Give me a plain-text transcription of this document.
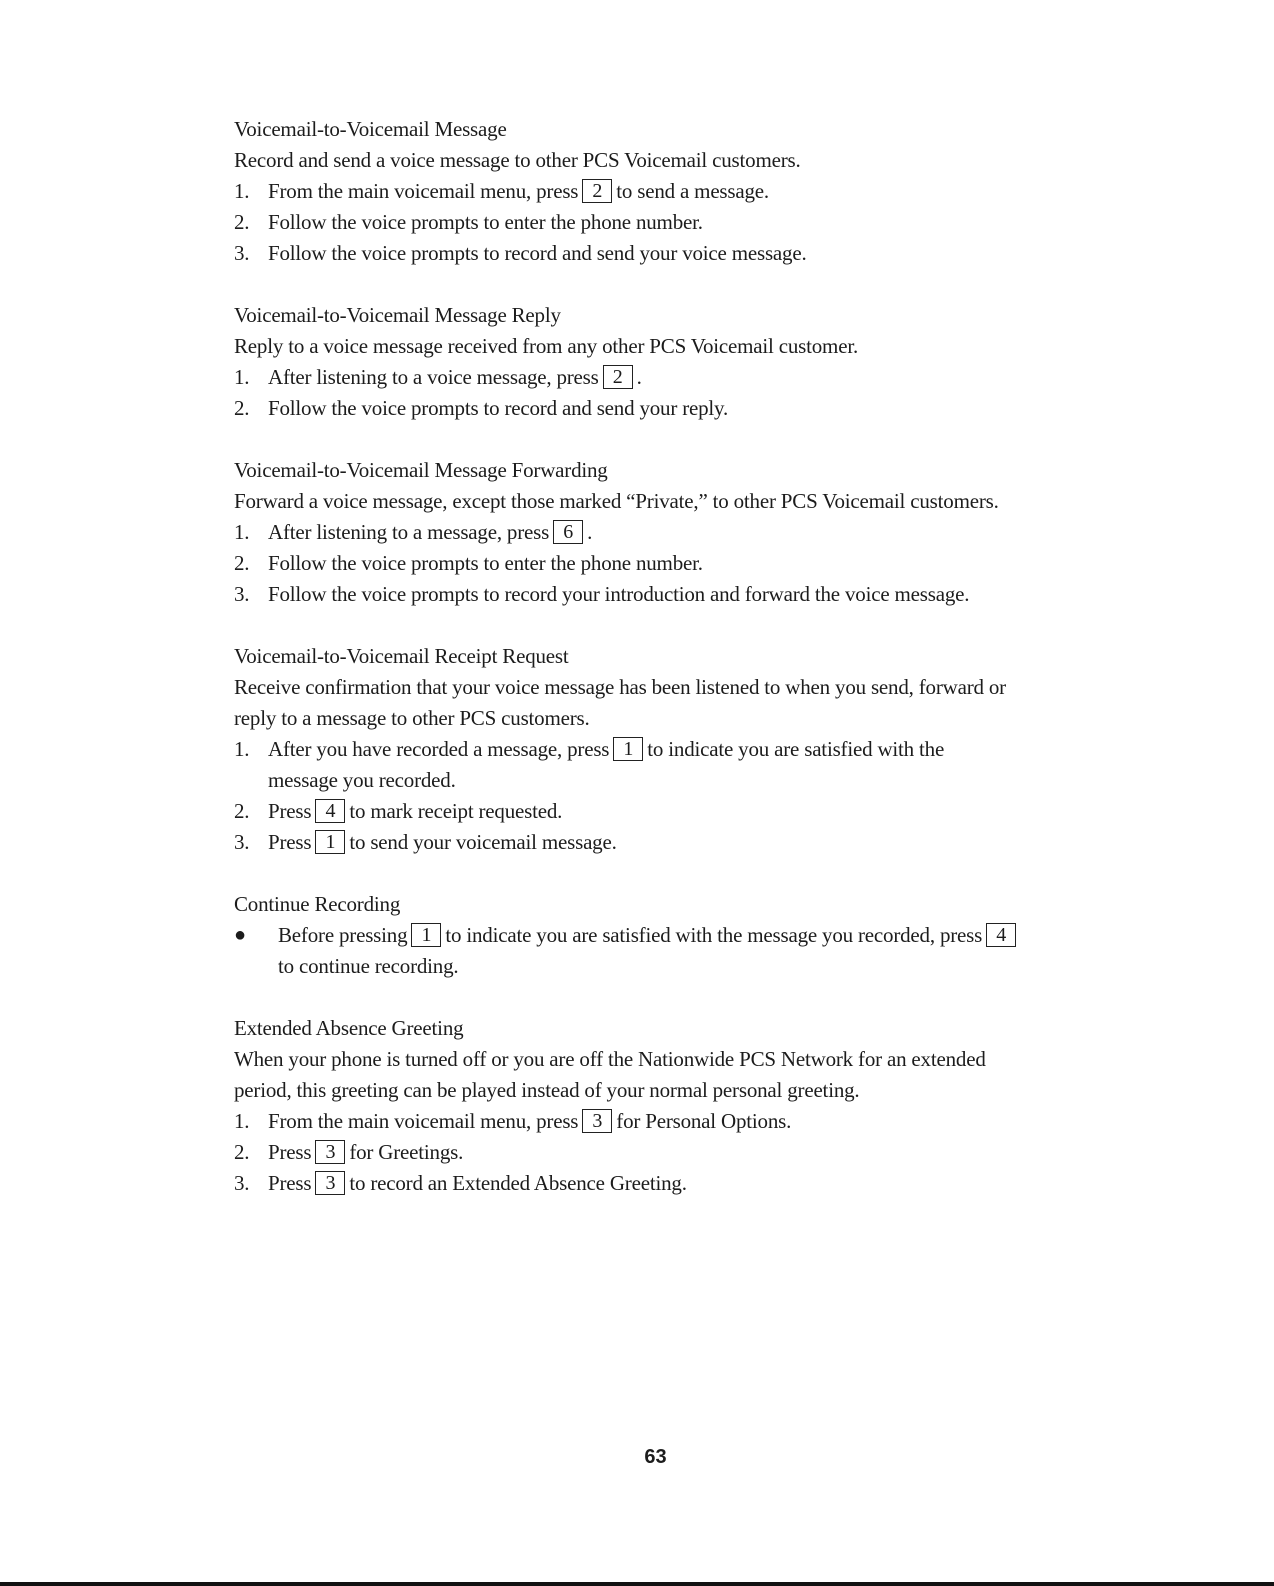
Voicemail-to-Voicemail Message

Record and send a voice message to other PCS Voicemail customers.

1. From the main voicemail menu, press 2 to send a message.
2. Follow the voice prompts to enter the phone number.
3. Follow the voice prompts to record and send your voice message.

Voicemail-to-Voicemail Message Reply

Reply to a voice message received from any other PCS Voicemail customer.

1. After listening to a voice message, press 2 .
2. Follow the voice prompts to record and send your reply.

Voicemail-to-Voicemail Message Forwarding

Forward a voice message, except those marked “Private,” to other PCS Voicemail customers.

1. After listening to a message, press 6 .
2. Follow the voice prompts to enter the phone number.
3. Follow the voice prompts to record your introduction and forward the voice message.

Voicemail-to-Voicemail Receipt Request

Receive confirmation that your voice message has been listened to when you send, forward or

reply to a message to other PCS customers.

1. After you have recorded a message, press 1 to indicate you are satisfied with the
message you recorded.
2. Press 4 to mark receipt requested.
3. Press 1 to send your voicemail message.

Continue Recording

●	Before pressing 1 to indicate you are satisfied with the message you recorded, press 4
to continue recording.

Extended Absence Greeting

When your phone is turned off or you are off the Nationwide PCS Network for an extended

period, this greeting can be played instead of your normal personal greeting.

1. From the main voicemail menu, press 3 for Personal Options.
2. Press 3 for Greetings.
3. Press 3 to record an Extended Absence Greeting.
63
